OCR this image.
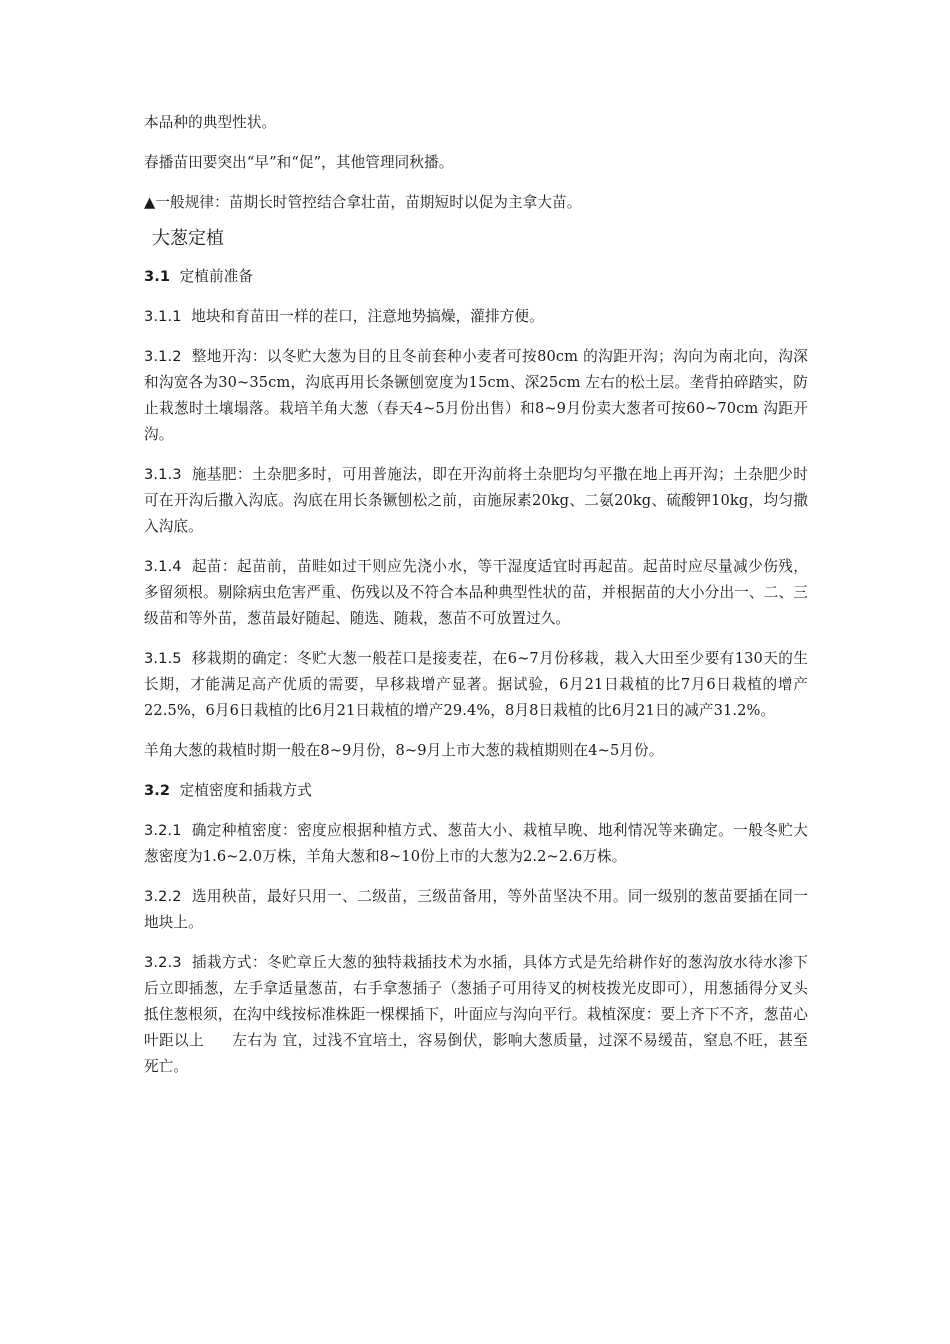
本品种的典型性状。

春播苗田要突出“早”和“促”，其他管理同秋播。

▲一般规律：苗期长时管控结合拿壮苗，苗期短时以促为主拿大苗。

大葱定植

3.1 定植前准备

3.1.1 地块和育苗田一样的茬口，注意地势搞燥，灌排方便。

3.1.2 整地开沟：以冬贮大葱为目的且冬前套种小麦者可按80cm 的沟距开沟；沟向为南北向，沟深和沟宽各为30~35cm，沟底再用长条镢刨宽度为15cm、深25cm 左右的松土层。垄背拍碎踏实，防止栽葱时土壤塌落。栽培羊角大葱（春天4~5月份出售）和8~9月份卖大葱者可按60~70cm 沟距开沟。

3.1.3 施基肥：土杂肥多时，可用普施法，即在开沟前将土杂肥均匀平撒在地上再开沟；土杂肥少时可在开沟后撒入沟底。沟底在用长条镢刨松之前，亩施尿素20kg、二氨20kg、硫酸钾10kg，均匀撒入沟底。

3.1.4 起苗：起苗前，苗畦如过干则应先浇小水，等干湿度适宜时再起苗。起苗时应尽量减少伤残，多留须根。剔除病虫危害严重、伤残以及不符合本品种典型性状的苗，并根据苗的大小分出一、二、三级苗和等外苗，葱苗最好随起、随选、随栽，葱苗不可放置过久。

3.1.5 移栽期的确定：冬贮大葱一般茬口是接麦茬，在6~7月份移栽，栽入大田至少要有130天的生长期，才能满足高产优质的需要，早移栽增产显著。据试验，6月21日栽植的比7月6日栽植的增产22.5%，6月6日栽植的比6月21日栽植的增产29.4%，8月8日栽植的比6月21日的减产31.2%。

羊角大葱的栽植时期一般在8~9月份，8~9月上市大葱的栽植期则在4~5月份。

3.2 定植密度和插栽方式

3.2.1 确定种植密度：密度应根据种植方式、葱苗大小、栽植早晚、地利情况等来确定。一般冬贮大葱密度为1.6~2.0万株，羊角大葱和8~10份上市的大葱为2.2~2.6万株。

3.2.2 选用秧苗，最好只用一、二级苗，三级苗备用，等外苗坚决不用。同一级别的葱苗要插在同一地块上。

3.2.3 插栽方式：冬贮章丘大葱的独特栽插技术为水插，具体方式是先给耕作好的葱沟放水待水渗下后立即插葱，左手拿适量葱苗，右手拿葱插子（葱插子可用待叉的树枝拨光皮即可），用葱插得分叉头抵住葱根须，在沟中线按标准株距一棵棵插下，叶面应与沟向平行。栽植深度：要上齐下不齐，葱苗心叶距以上 左右为 宜，过浅不宜培土，容易倒伏，影响大葱质量，过深不易缓苗，窒息不旺，甚至死亡。
